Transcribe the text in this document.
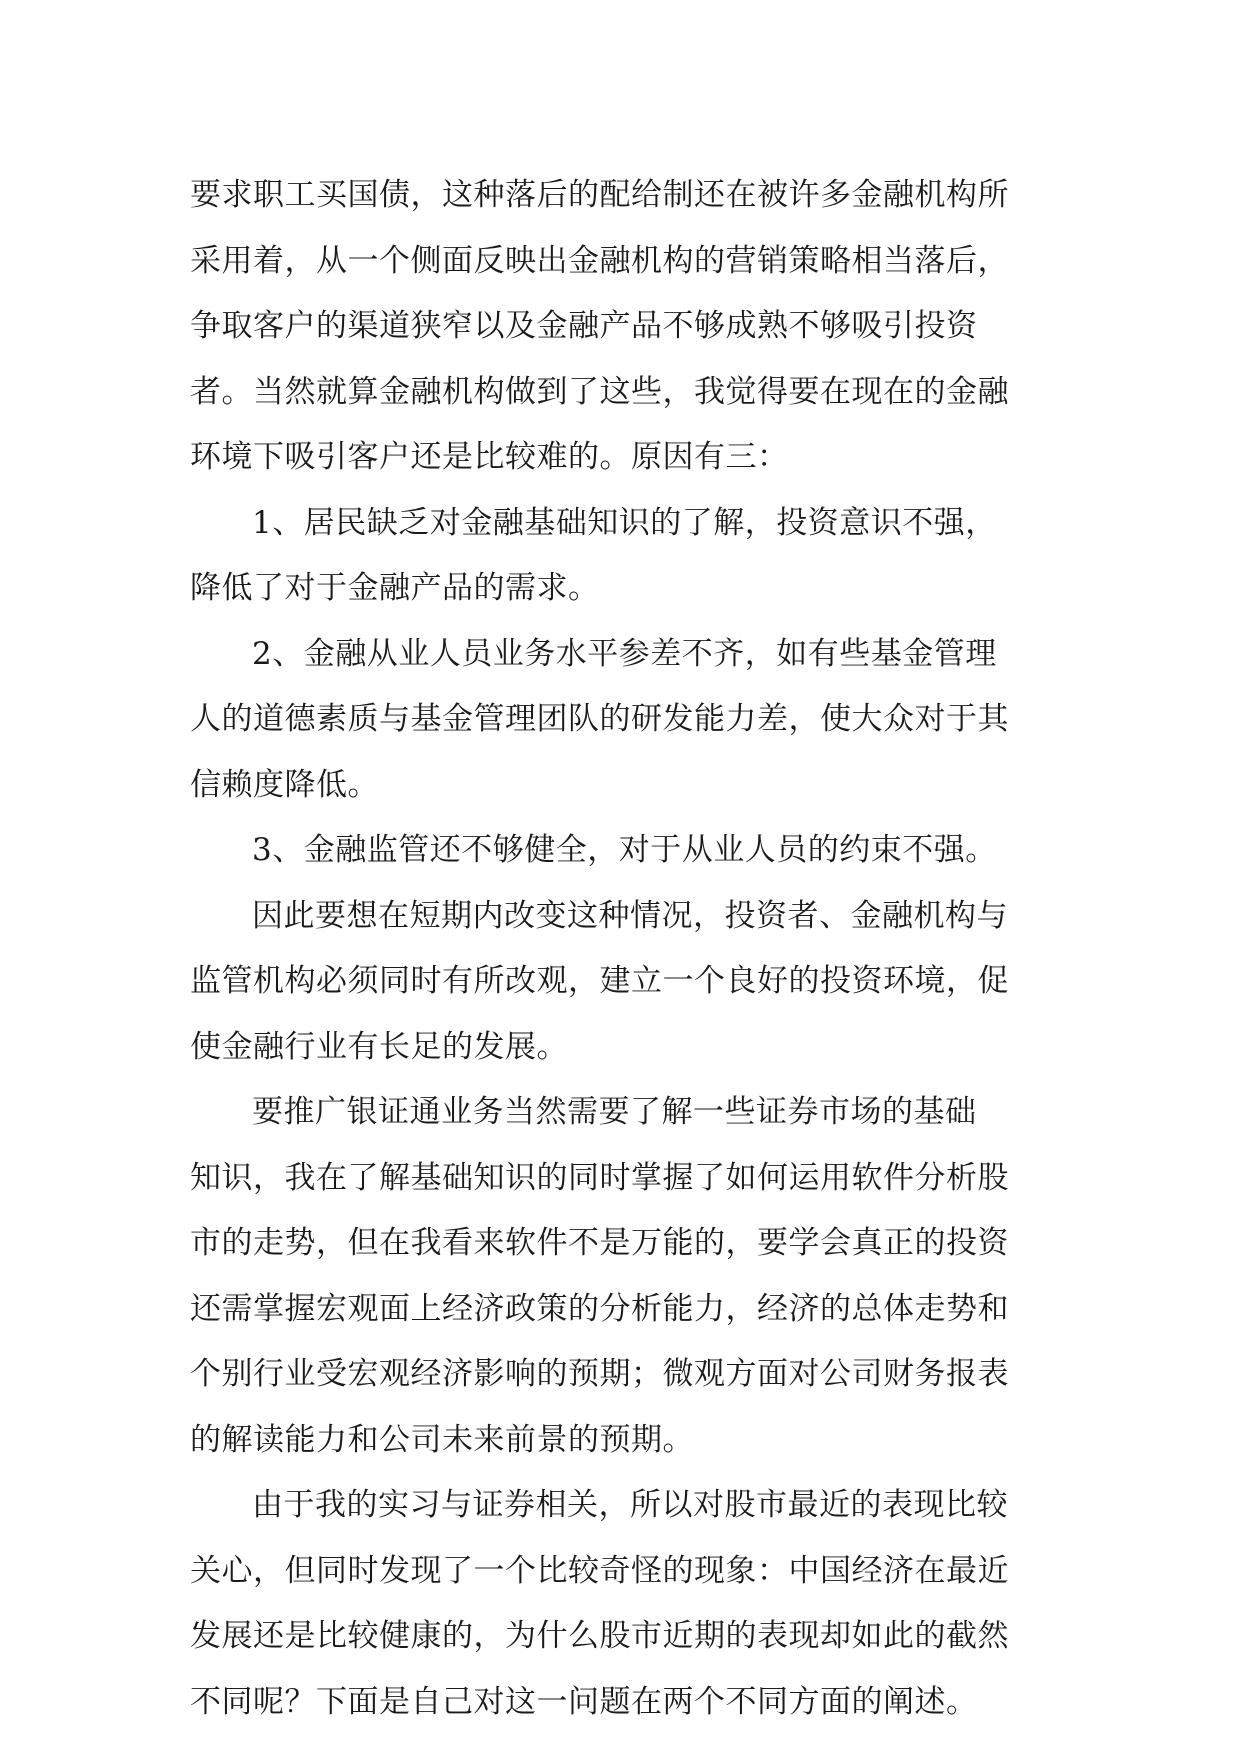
要求职工买国债，这种落后的配给制还在被许多金融机构所
采用着，从一个侧面反映出金融机构的营销策略相当落后，
争取客户的渠道狭窄以及金融产品不够成熟不够吸引投资
者。当然就算金融机构做到了这些，我觉得要在现在的金融
环境下吸引客户还是比较难的。原因有三：
1、居民缺乏对金融基础知识的了解，投资意识不强，
降低了对于金融产品的需求。
2、金融从业人员业务水平参差不齐，如有些基金管理
人的道德素质与基金管理团队的研发能力差，使大众对于其
信赖度降低。
3、金融监管还不够健全，对于从业人员的约束不强。
因此要想在短期内改变这种情况，投资者、金融机构与
监管机构必须同时有所改观，建立一个良好的投资环境，促
使金融行业有长足的发展。
要推广银证通业务当然需要了解一些证券市场的基础
知识，我在了解基础知识的同时掌握了如何运用软件分析股
市的走势，但在我看来软件不是万能的，要学会真正的投资
还需掌握宏观面上经济政策的分析能力，经济的总体走势和
个别行业受宏观经济影响的预期；微观方面对公司财务报表
的解读能力和公司未来前景的预期。
由于我的实习与证券相关，所以对股市最近的表现比较
关心，但同时发现了一个比较奇怪的现象：中国经济在最近
发展还是比较健康的，为什么股市近期的表现却如此的截然
不同呢？下面是自己对这一问题在两个不同方面的阐述。
